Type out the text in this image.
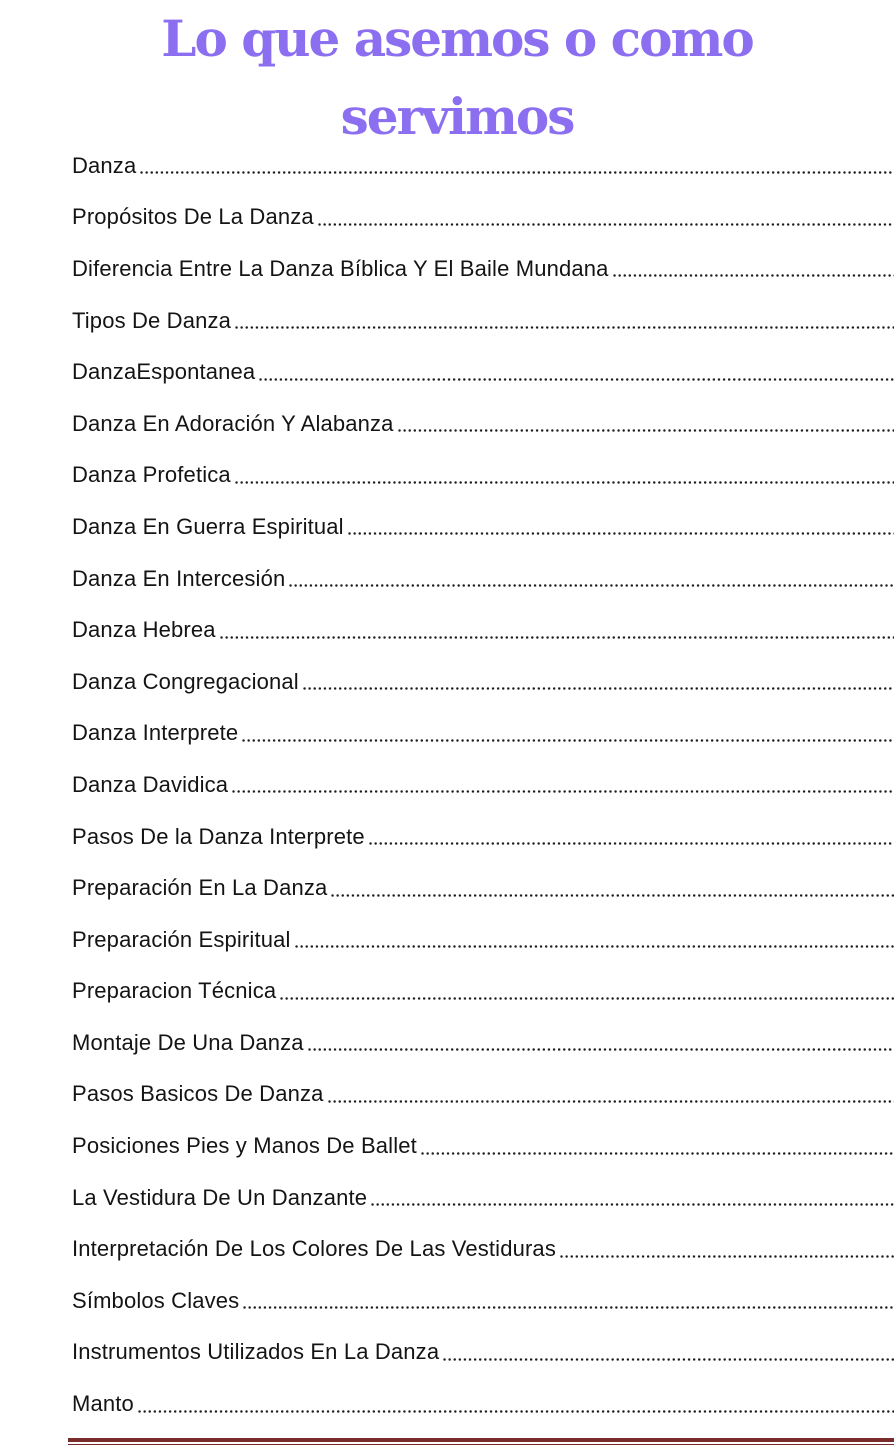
Lo que asemos o como
servimos
Danza
Propósitos De La Danza
Diferencia Entre La Danza Bíblica Y El Baile Mundana
Tipos De Danza
DanzaEspontanea
Danza En Adoración Y Alabanza
Danza Profetica
Danza En Guerra Espiritual
Danza En Intercesión
Danza Hebrea
Danza Congregacional
Danza Interprete
Danza Davidica
Pasos De la Danza Interprete
Preparación En La Danza
Preparación Espiritual
Preparacion Técnica
Montaje De Una Danza
Pasos Basicos De Danza
Posiciones Pies y Manos De Ballet
La Vestidura De Un Danzante
Interpretación De Los Colores De Las Vestiduras
Símbolos Claves
Instrumentos Utilizados En La Danza
Manto
